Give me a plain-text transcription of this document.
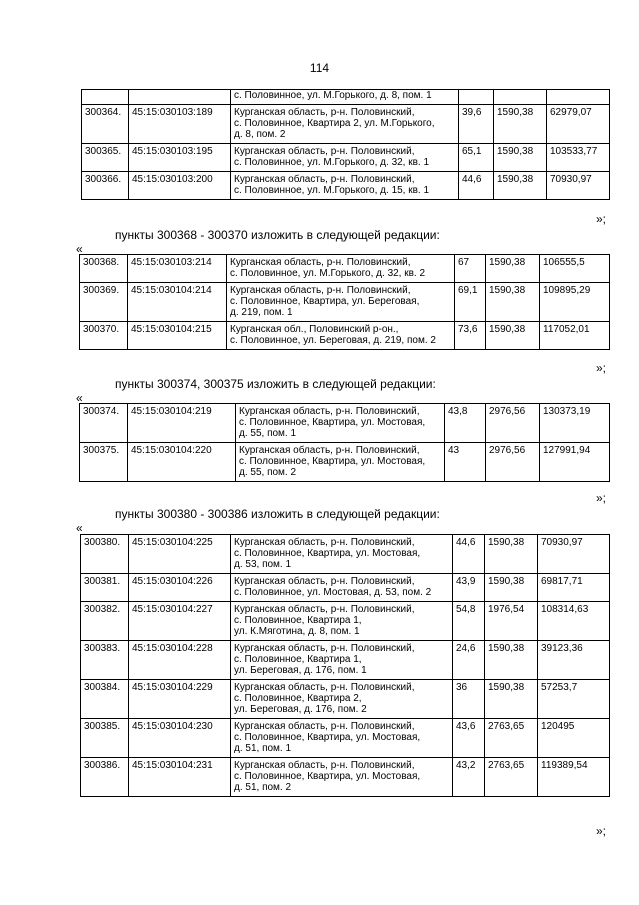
114
		с. Половинное, ул. М.Горького, д. 8, пом. 1			
300364.	45:15:030103:189	Курганская область, р-н. Половинский,
с. Половинное, Квартира 2, ул. М.Горького,
д. 8, пом. 2	39,6	1590,38	62979,07
300365.	45:15:030103:195	Курганская область, р-н. Половинский,
с. Половинное, ул. М.Горького, д. 32, кв. 1	65,1	1590,38	103533,77
300366.	45:15:030103:200	Курганская область, р-н. Половинский,
с. Половинное, ул. М.Горького, д. 15, кв. 1	44,6	1590,38	70930,97
»;
пункты 300368 - 300370 изложить в следующей редакции:
«
300368.	45:15:030103:214	Курганская область, р-н. Половинский,
с. Половинное, ул. М.Горького, д. 32, кв. 2	67	1590,38	106555,5
300369.	45:15:030104:214	Курганская область, р-н. Половинский,
с. Половинное, Квартира, ул. Береговая,
д. 219, пом. 1	69,1	1590,38	109895,29
300370.	45:15:030104:215	Курганская обл., Половинский р-он.,
с. Половинное, ул. Береговая, д. 219, пом. 2	73,6	1590,38	117052,01
»;
пункты 300374, 300375 изложить в следующей редакции:
«
300374.	45:15:030104:219	Курганская область, р-н. Половинский,
с. Половинное, Квартира, ул. Мостовая,
д. 55, пом. 1	43,8	2976,56	130373,19
300375.	45:15:030104:220	Курганская область, р-н. Половинский,
с. Половинное, Квартира, ул. Мостовая,
д. 55, пом. 2	43	2976,56	127991,94
»;
пункты 300380 - 300386 изложить в следующей редакции:
«
300380.	45:15:030104:225	Курганская область, р-н. Половинский,
с. Половинное, Квартира, ул. Мостовая,
д. 53, пом. 1	44,6	1590,38	70930,97
300381.	45:15:030104:226	Курганская область, р-н. Половинский,
с. Половинное, ул. Мостовая, д. 53, пом. 2	43,9	1590,38	69817,71
300382.	45:15:030104:227	Курганская область, р-н. Половинский,
с. Половинное, Квартира 1,
ул. К.Мяготина, д. 8, пом. 1	54,8	1976,54	108314,63
300383.	45:15:030104:228	Курганская область, р-н. Половинский,
с. Половинное, Квартира 1,
ул. Береговая, д. 176, пом. 1	24,6	1590,38	39123,36
300384.	45:15:030104:229	Курганская область, р-н. Половинский,
с. Половинное, Квартира 2,
ул. Береговая, д. 176, пом. 2	36	1590,38	57253,7
300385.	45:15:030104:230	Курганская область, р-н. Половинский,
с. Половинное, Квартира, ул. Мостовая,
д. 51, пом. 1	43,6	2763,65	120495
300386.	45:15:030104:231	Курганская область, р-н. Половинский,
с. Половинное, Квартира, ул. Мостовая,
д. 51, пом. 2	43,2	2763,65	119389,54
»;
